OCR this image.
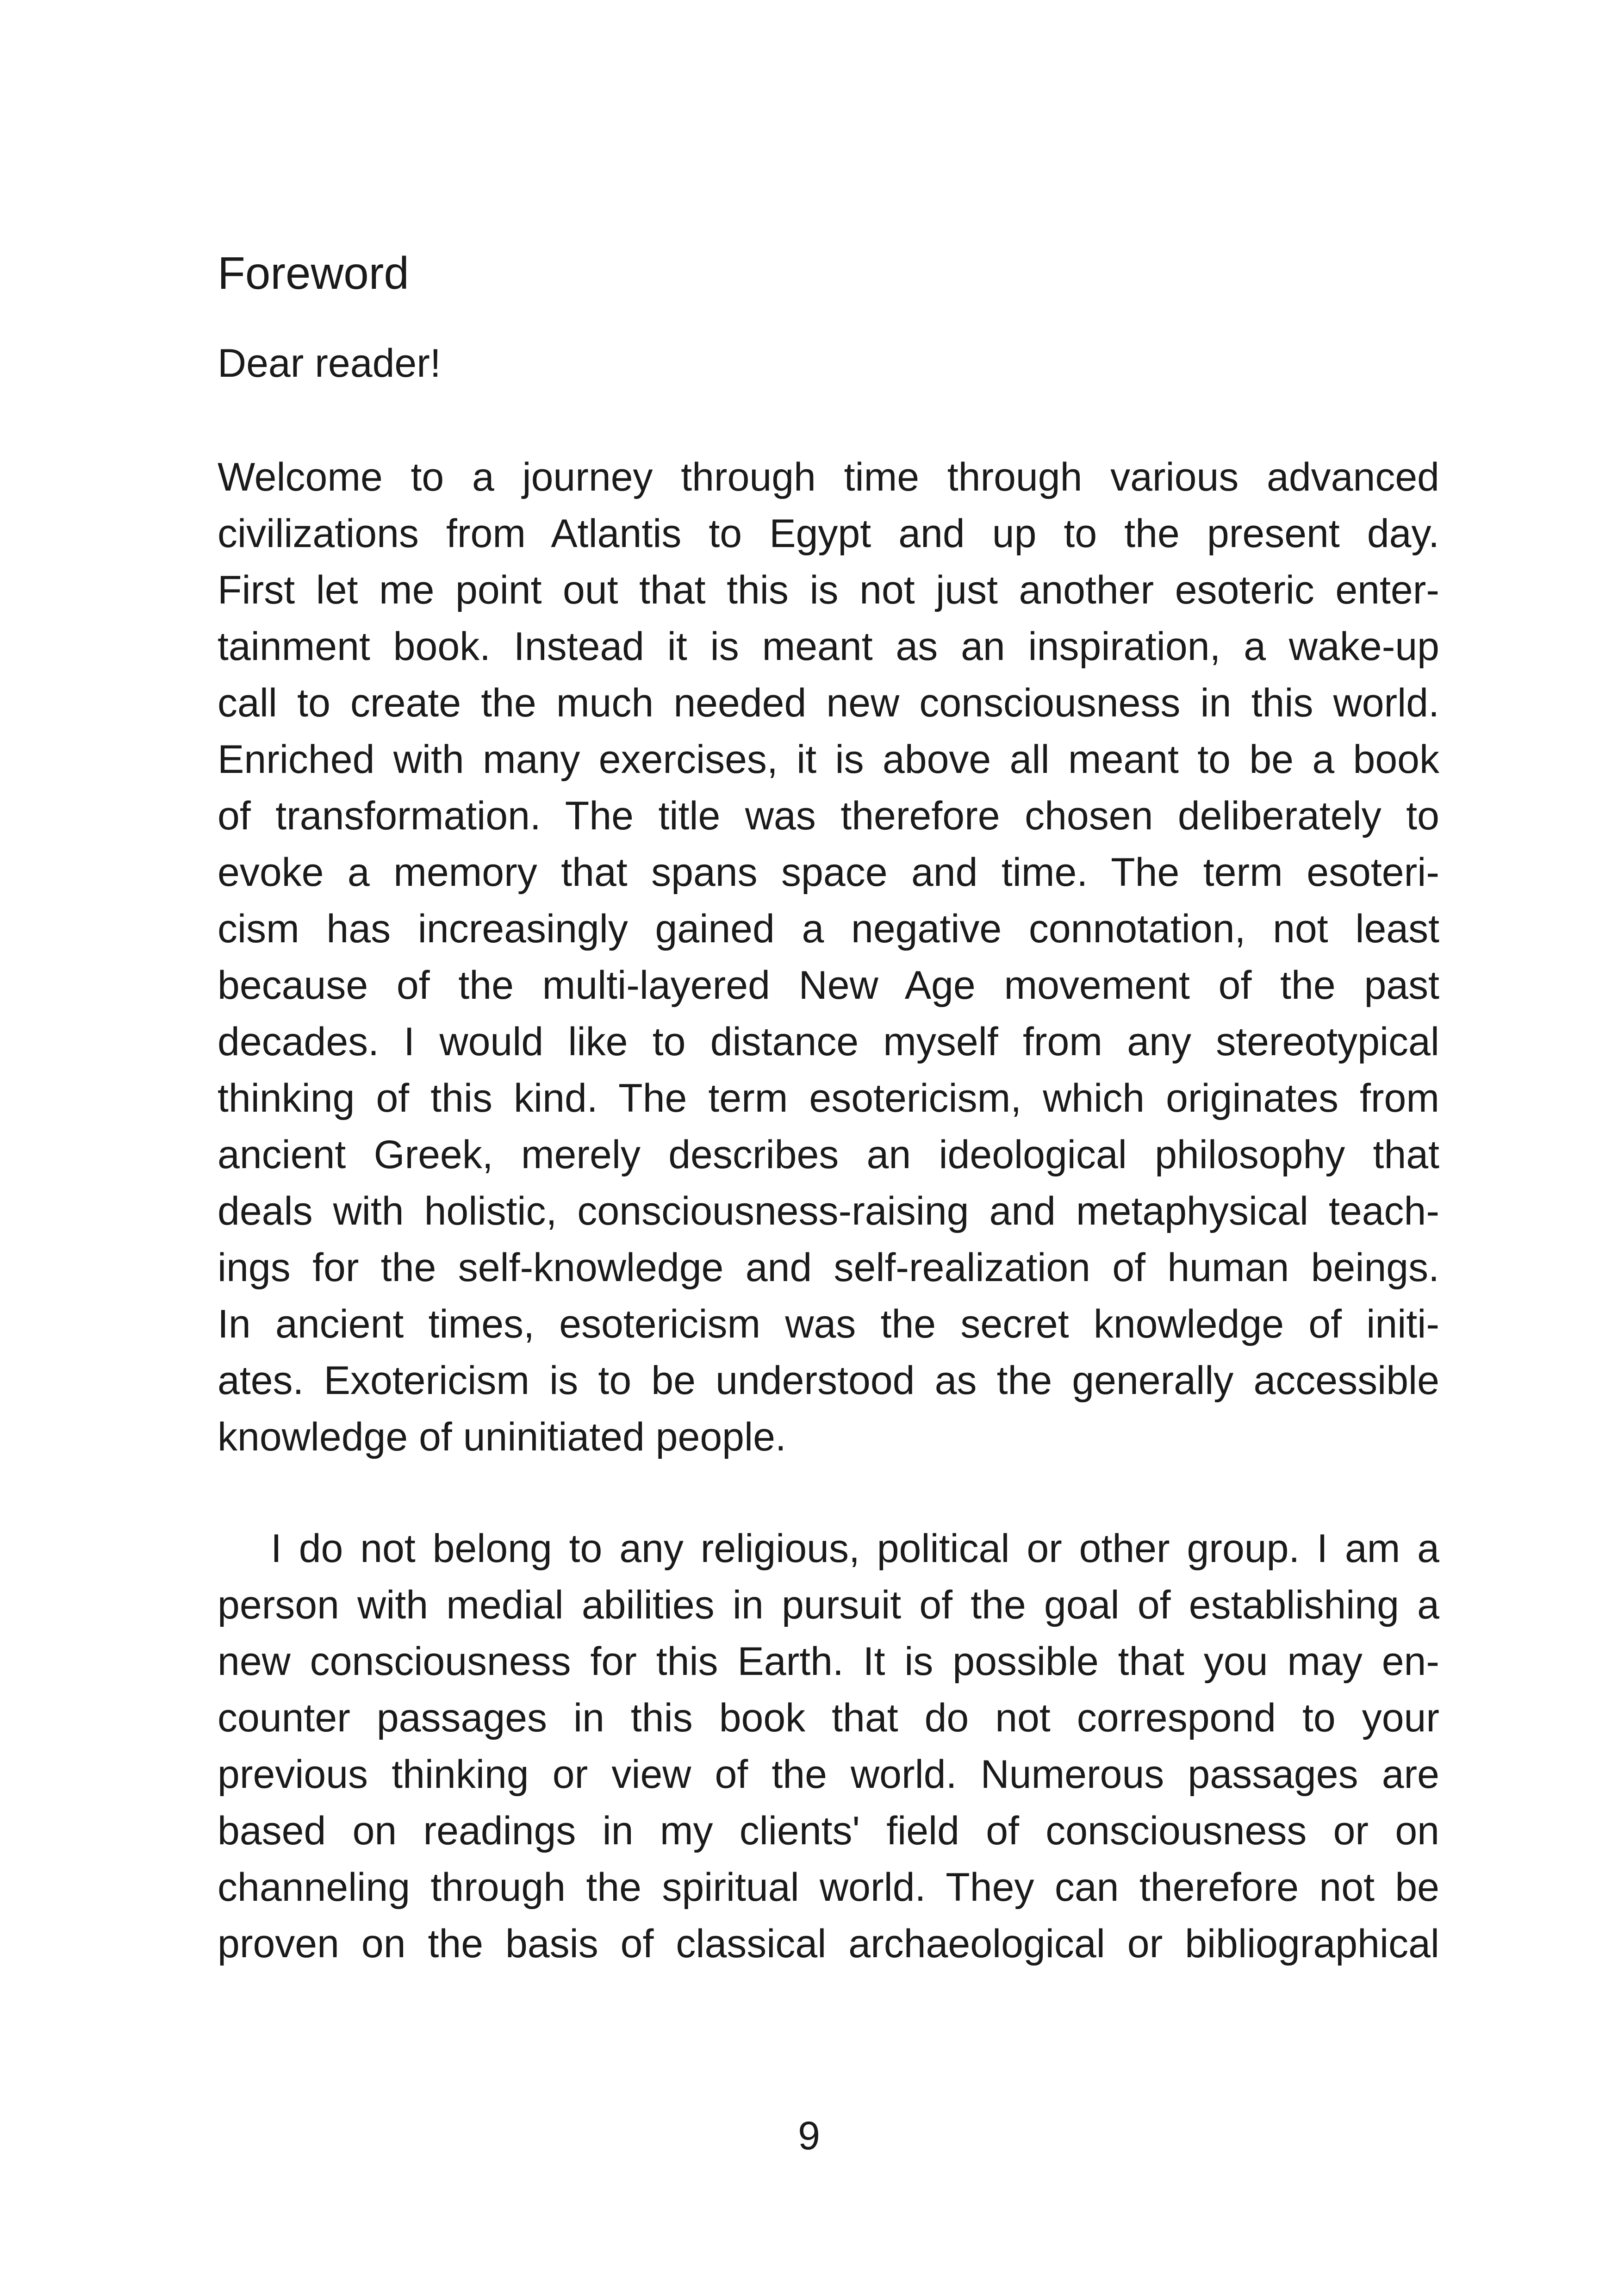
Foreword

Dear reader!

Welcome to a journey through time through various advanced
civilizations from Atlantis to Egypt and up to the present day.
First let me point out that this is not just another esoteric enter-
tainment book. Instead it is meant as an inspiration, a wake-up
call to create the much needed new consciousness in this world.
Enriched with many exercises, it is above all meant to be a book
of transformation. The title was therefore chosen deliberately to
evoke a memory that spans space and time. The term esoteri-
cism has increasingly gained a negative connotation, not least
because of the multi-layered New Age movement of the past
decades. I would like to distance myself from any stereotypical
thinking of this kind. The term esotericism, which originates from
ancient Greek, merely describes an ideological philosophy that
deals with holistic, consciousness-raising and metaphysical teach-
ings for the self-knowledge and self-realization of human beings.
In ancient times, esotericism was the secret knowledge of initi-
ates. Exotericism is to be understood as the generally accessible
knowledge of uninitiated people.
I do not belong to any religious, political or other group. I am a
person with medial abilities in pursuit of the goal of establishing a
new consciousness for this Earth. It is possible that you may en-
counter passages in this book that do not correspond to your
previous thinking or view of the world. Numerous passages are
based on readings in my clients' field of consciousness or on
channeling through the spiritual world. They can therefore not be
proven on the basis of classical archaeological or bibliographical

9
